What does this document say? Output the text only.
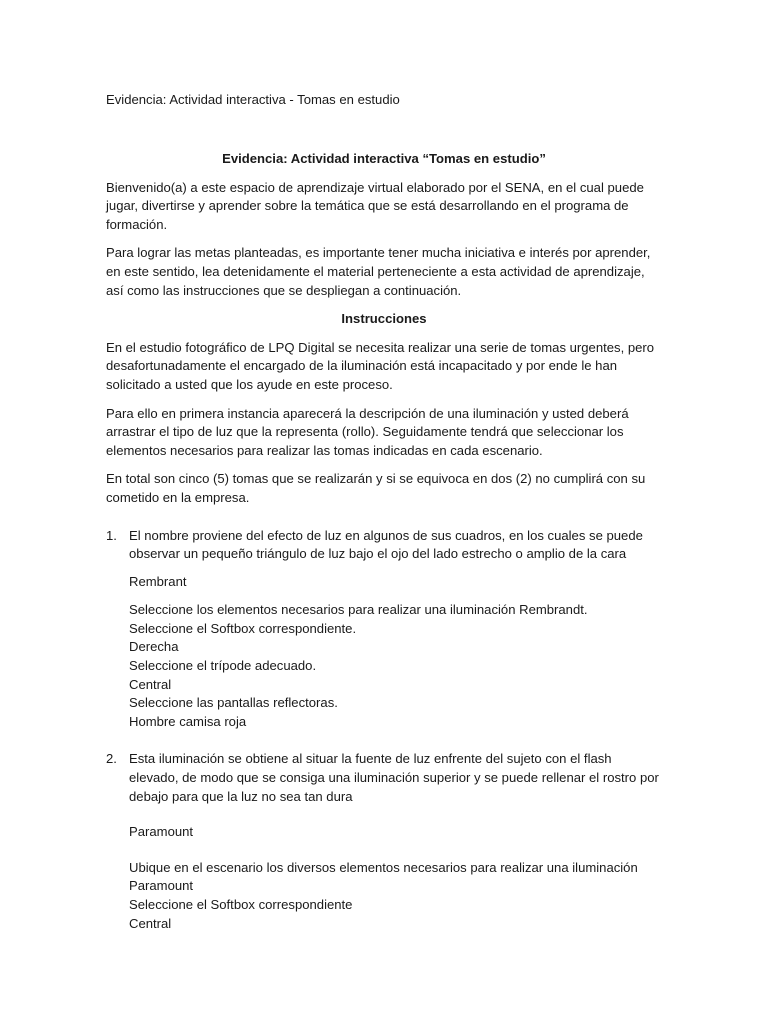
Evidencia: Actividad interactiva - Tomas en estudio
Evidencia: Actividad interactiva “Tomas en estudio”

Bienvenido(a) a este espacio de aprendizaje virtual elaborado por el SENA, en el cual puede jugar, divertirse y aprender sobre la temática que se está desarrollando en el programa de formación.

Para lograr las metas planteadas, es importante tener mucha iniciativa e interés por aprender, en este sentido, lea detenidamente el material perteneciente a esta actividad de aprendizaje, así como las instrucciones que se despliegan a continuación.

Instrucciones

En el estudio fotográfico de LPQ Digital se necesita realizar una serie de tomas urgentes, pero desafortunadamente el encargado de la iluminación está incapacitado y por ende le han solicitado a usted que los ayude en este proceso.

Para ello en primera instancia aparecerá la descripción de una iluminación y usted deberá arrastrar el tipo de luz que la representa (rollo). Seguidamente tendrá que seleccionar los elementos necesarios para realizar las tomas indicadas en cada escenario.

En total son cinco (5) tomas que se realizarán y si se equivoca en dos (2) no cumplirá con su cometido en la empresa.

1. El nombre proviene del efecto de luz en algunos de sus cuadros, en los cuales se puede observar un pequeño triángulo de luz bajo el ojo del lado estrecho o amplio de la cara
Rembrant
Seleccione los elementos necesarios para realizar una iluminación Rembrandt.
Seleccione el Softbox correspondiente.
Derecha
Seleccione el trípode adecuado.
Central
Seleccione las pantallas reflectoras.
Hombre camisa roja
2. Esta iluminación se obtiene al situar la fuente de luz enfrente del sujeto con el flash elevado, de modo que se consiga una iluminación superior y se puede rellenar el rostro por debajo para que la luz no sea tan dura
Paramount
Ubique en el escenario los diversos elementos necesarios para realizar una iluminación Paramount
Seleccione el Softbox correspondiente
Central
